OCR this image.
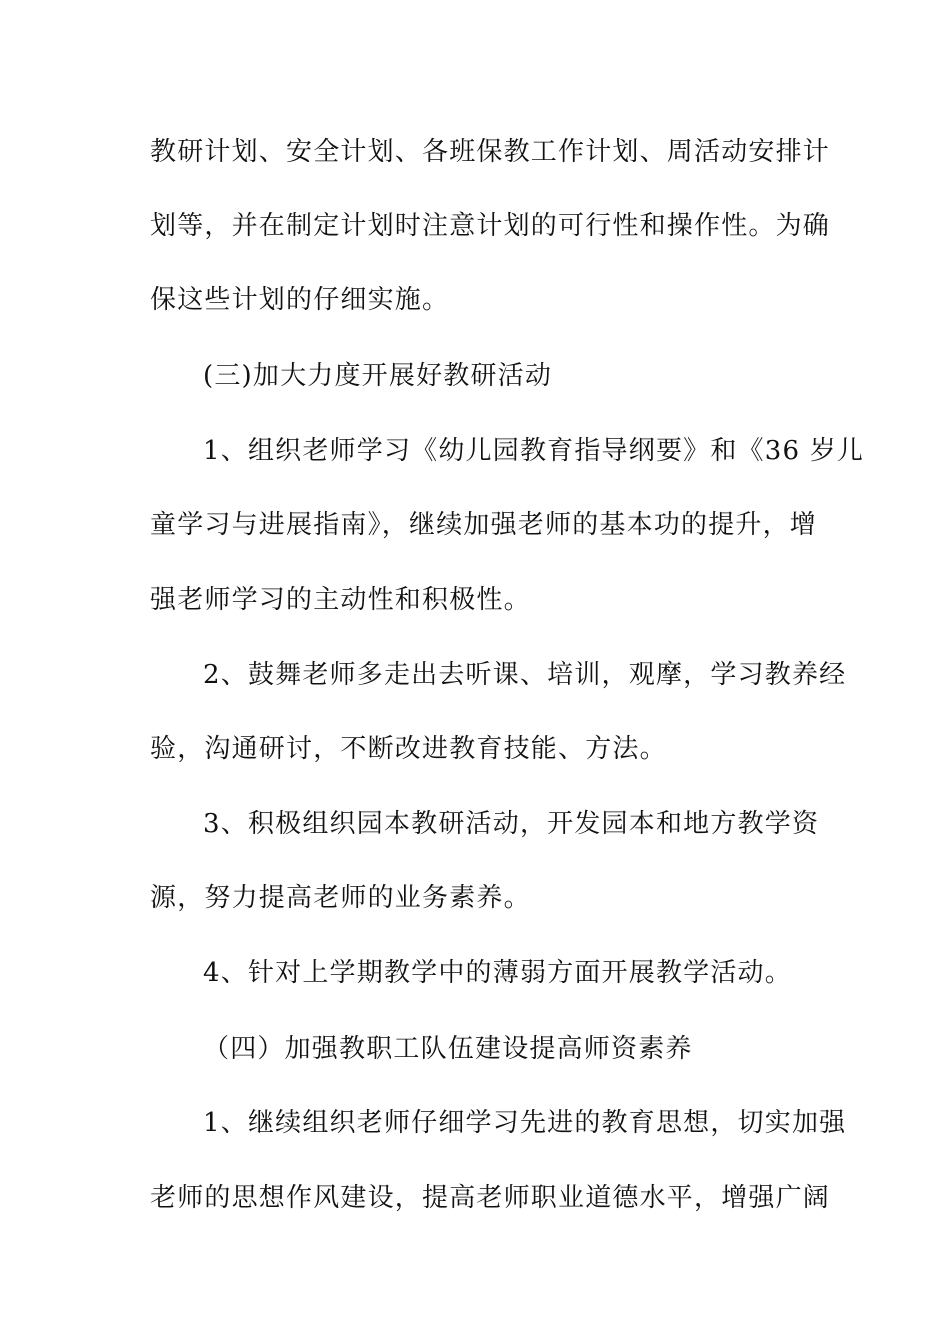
教研计划、安全计划、各班保教工作计划、周活动安排计
划等，并在制定计划时注意计划的可行性和操作性。为确
保这些计划的仔细实施。
(三)加大力度开展好教研活动
1、组织老师学习《幼儿园教育指导纲要》和《36 岁儿
童学习与进展指南》，继续加强老师的基本功的提升，增
强老师学习的主动性和积极性。
2、鼓舞老师多走出去听课、培训，观摩，学习教养经
验，沟通研讨，不断改进教育技能、方法。
3、积极组织园本教研活动，开发园本和地方教学资
源，努力提高老师的业务素养。
4、针对上学期教学中的薄弱方面开展教学活动。
（四）加强教职工队伍建设提高师资素养
1、继续组织老师仔细学习先进的教育思想，切实加强
老师的思想作风建设，提高老师职业道德水平，增强广阔
